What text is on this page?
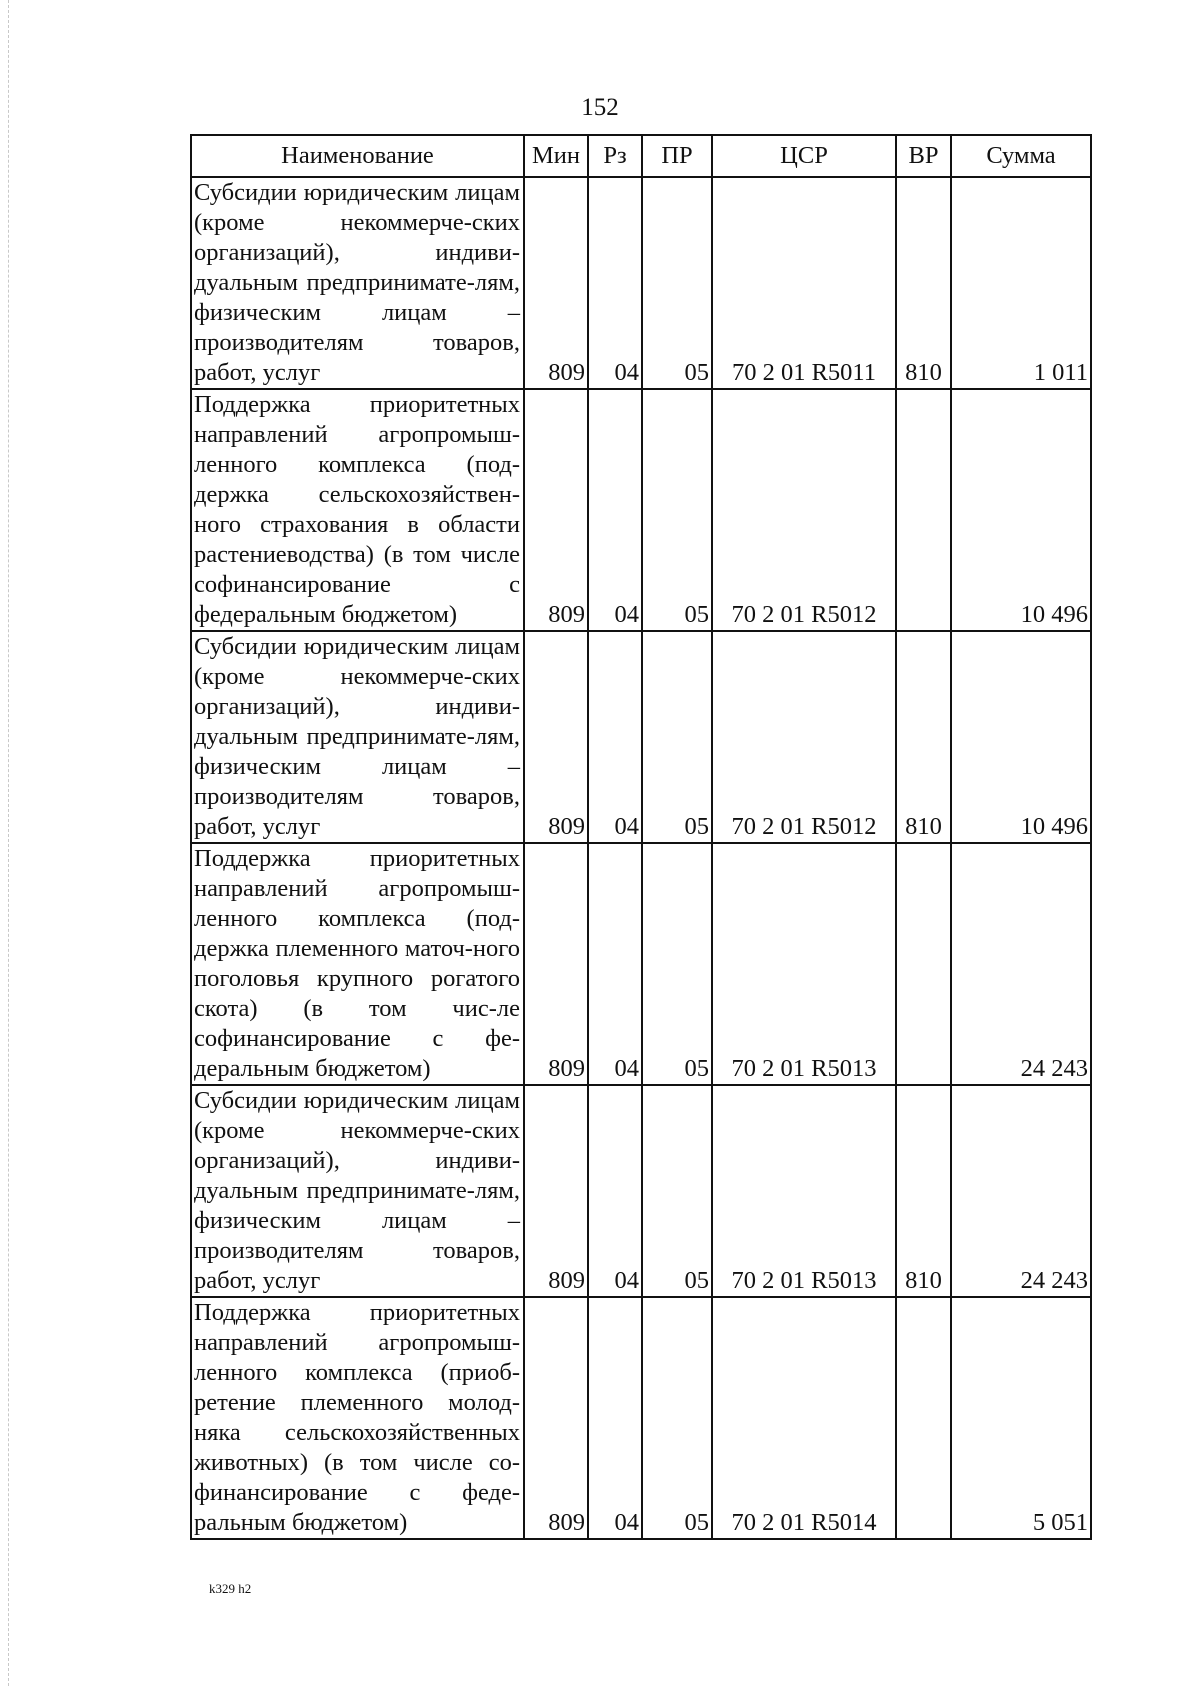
152
Наименование	Мин	Рз	ПР	ЦСР	ВР	Сумма
Субсидии юридическим лицам (кроме некоммерче-ских организаций), индиви-дуальным предпринимате-лям, физическим лицам – производителям товаров, работ, услуг	809	04	05	70 2 01 R5011	810	1 011
Поддержка приоритетных направлений агропромыш-ленного комплекса (под-держка сельскохозяйствен-ного страхования в области растениеводства) (в том числе софинансирование с федеральным бюджетом)	809	04	05	70 2 01 R5012		10 496
Субсидии юридическим лицам (кроме некоммерче-ских организаций), индиви-дуальным предпринимате-лям, физическим лицам – производителям товаров, работ, услуг	809	04	05	70 2 01 R5012	810	10 496
Поддержка приоритетных направлений агропромыш-ленного комплекса (под-держка племенного маточ-ного поголовья крупного рогатого скота) (в том чис-ле софинансирование с фе-деральным бюджетом)	809	04	05	70 2 01 R5013		24 243
Субсидии юридическим лицам (кроме некоммерче-ских организаций), индиви-дуальным предпринимате-лям, физическим лицам – производителям товаров, работ, услуг	809	04	05	70 2 01 R5013	810	24 243
Поддержка приоритетных направлений агропромыш-ленного комплекса (приоб-ретение племенного молод-няка сельскохозяйственных животных) (в том числе со-финансирование с феде-ральным бюджетом)	809	04	05	70 2 01 R5014		5 051
k329 h2
